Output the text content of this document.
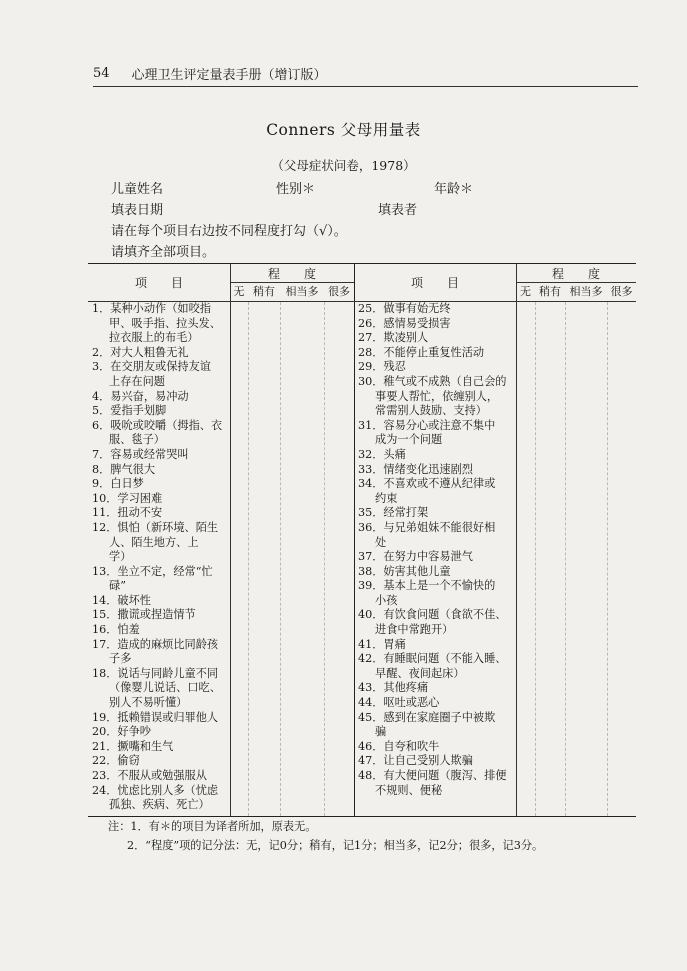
54 心理卫生评定量表手册（增订版）
Conners 父母用量表
（父母症状问卷，1978）
儿童姓名	性别＊	年龄＊
填表日期	填表者
请在每个项目右边按不同程度打勾（√）。
请填齐全部项目。
项　　目
程　　度
无 稍有 相当多 很多
项　　目
程　　度
无 稍有 相当多 很多
1．某种小动作（如咬指
甲、吸手指、拉头发、
拉衣服上的布毛）
2．对大人粗鲁无礼
3．在交朋友或保持友谊
上存在问题
4．易兴奋，易冲动
5．爱指手划脚
6．吸吮或咬嚼（拇指、衣
服、毯子）
7．容易或经常哭叫
8．脾气很大
9．白日梦
10．学习困难
11．扭动不安
12．惧怕（新环境、陌生
人、陌生地方、上
学）
13．坐立不定，经常“忙
碌”
14．破坏性
15．撒谎或捏造情节
16．怕羞
17．造成的麻烦比同龄孩
子多
18．说话与同龄儿童不同
（像婴儿说话、口吃、
别人不易听懂）
19．抵赖错误或归罪他人
20．好争吵
21．撅嘴和生气
22．偷窃
23．不服从或勉强服从
24．忧虑比别人多（忧虑
孤独、疾病、死亡）
25．做事有始无终
26．感情易受损害
27．欺凌别人
28．不能停止重复性活动
29．残忍
30．稚气或不成熟（自己会的
事要人帮忙，依缠别人，
常需别人鼓励、支持）
31．容易分心或注意不集中
成为一个问题
32．头痛
33．情绪变化迅速剧烈
34．不喜欢或不遵从纪律或
约束
35．经常打架
36．与兄弟姐妹不能很好相
处
37．在努力中容易泄气
38．妨害其他儿童
39．基本上是一个不愉快的
小孩
40．有饮食问题（食欲不佳、
进食中常跑开）
41．胃痛
42．有睡眠问题（不能入睡、
早醒、夜间起床）
43．其他疼痛
44．呕吐或恶心
45．感到在家庭圈子中被欺
骗
46．自夸和吹牛
47．让自己受别人欺骗
48．有大便问题（腹泻、排便
不规则、便秘
注：1．有＊的项目为译者所加，原表无。
2．“程度”项的记分法：无，记0分；稍有，记1分；相当多，记2分；很多，记3分。
